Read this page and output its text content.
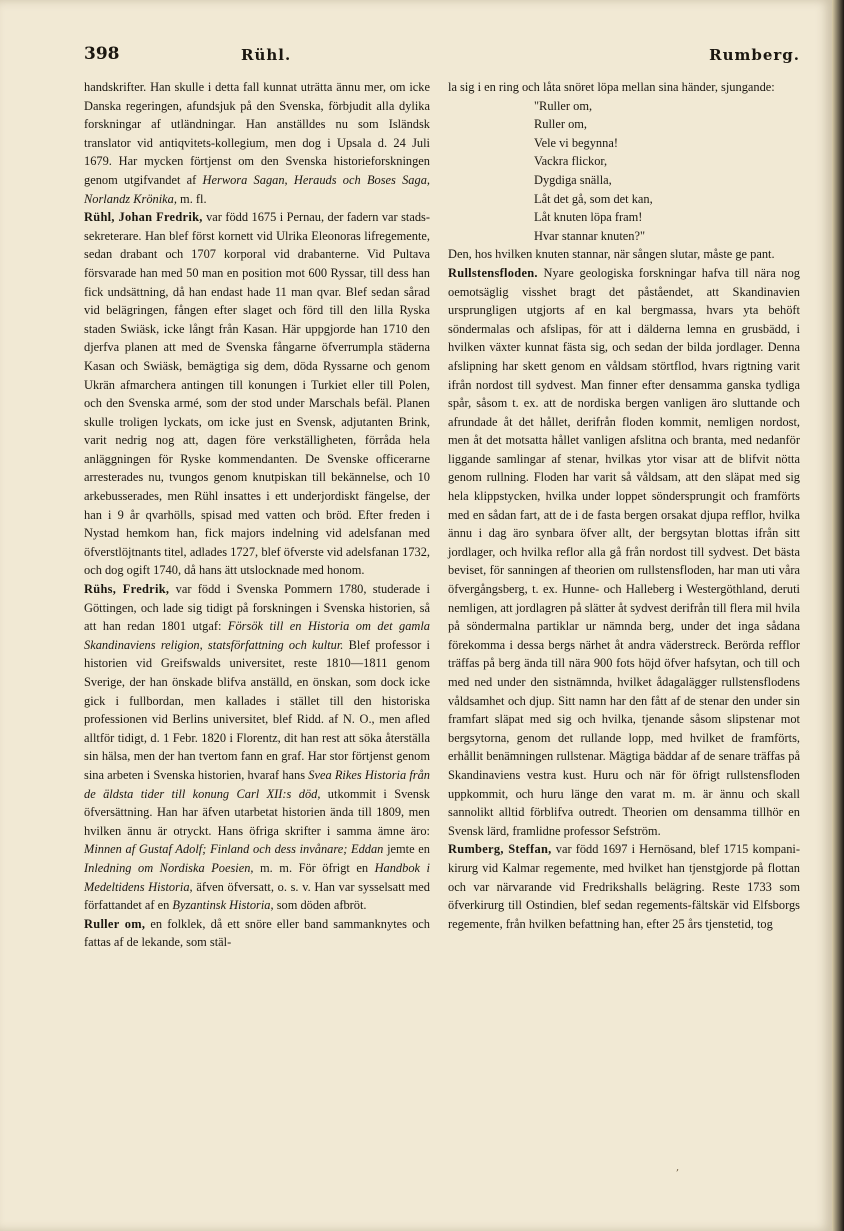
398	Rühl.	Rumberg.

handskrifter. Han skulle i detta fall kunnat uträtta ännu mer, om icke Danska regeringen, afundsjuk på den Svenska, förbjudit alla dylika forskningar af utländningar. Han anställdes nu som Isländsk translator vid antiqvitets-kollegium, men dog i Upsala d. 24 Juli 1679. Har mycken förtjenst om den Svenska historieforskningen genom utgifvandet af Herwora Sagan, Herauds och Boses Saga, Norlandz Krönika, m. fl.

Rühl, Johan Fredrik, var född 1675 i Pernau, der fadern var stads-sekreterare. Han blef först kornett vid Ulrika Eleonoras lifregemente, sedan drabant och 1707 korporal vid drabanterne. Vid Pultava försvarade han med 50 man en position mot 600 Ryssar, till dess han fick undsättning, då han endast hade 11 man qvar. Blef sedan sårad vid belägringen, fången efter slaget och förd till den lilla Ryska staden Swiäsk, icke långt från Kasan. Här uppgjorde han 1710 den djerfva planen att med de Svenska fångarne öfverrumpla städerna Kasan och Swiäsk, bemägtiga sig dem, döda Ryssarne och genom Ukrän afmarchera antingen till konungen i Turkiet eller till Polen, och den Svenska armé, som der stod under Marschals befäl. Planen skulle troligen lyckats, om icke just en Svensk, adjutanten Brink, varit nedrig nog att, dagen före verkställigheten, förråda hela anläggningen för Ryske kommendanten. De Svenske officerarne arresterades nu, tvungos genom knutpiskan till bekännelse, och 10 arkebusserades, men Rühl insattes i ett underjordiskt fängelse, der han i 9 år qvarhölls, spisad med vatten och bröd. Efter freden i Nystad hemkom han, fick majors indelning vid adelsfanan med öfverstlöjtnants titel, adlades 1727, blef öfverste vid adelsfanan 1732, och dog ogift 1740, då hans ätt utslocknade med honom.

Rühs, Fredrik, var född i Svenska Pommern 1780, studerade i Göttingen, och lade sig tidigt på forskningen i Svenska historien, så att han redan 1801 utgaf: Försök till en Historia om det gamla Skandinaviens religion, statsförfattning och kultur. Blef professor i historien vid Greifswalds universitet, reste 1810—1811 genom Sverige, der han önskade blifva anställd, en önskan, som dock icke gick i fullbordan, men kallades i stället till den historiska professionen vid Berlins universitet, blef Ridd. af N. O., men afled alltför tidigt, d. 1 Febr. 1820 i Florentz, dit han rest att söka återställa sin hälsa, men der han tvertom fann en graf. Har stor förtjenst genom sina arbeten i Svenska historien, hvaraf hans Svea Rikes Historia från de äldsta tider till konung Carl XII:s död, utkommit i Svensk öfversättning. Han har äfven utarbetat historien ända till 1809, men hvilken ännu är otryckt. Hans öfriga skrifter i samma ämne äro: Minnen af Gustaf Adolf; Finland och dess invånare; Eddan jemte en Inledning om Nordiska Poesien, m. m. För öfrigt en Handbok i Medeltidens Historia, äfven öfversatt, o. s. v. Han var sysselsatt med författandet af en Byzantinsk Historia, som döden afbröt.

Ruller om, en folklek, då ett snöre eller band sammanknytes och fattas af de lekande, som stäl-

la sig i en ring och låta snöret löpa mellan sina händer, sjungande:

"Ruller om,
Ruller om,
Vele vi begynna!
Vackra flickor,
Dygdiga snälla,
Låt det gå, som det kan,
Låt knuten löpa fram!
Hvar stannar knuten?"

Den, hos hvilken knuten stannar, när sången slutar, måste ge pant.

Rullstensfloden. Nyare geologiska forskningar hafva till nära nog oemotsäglig visshet bragt det påståendet, att Skandinavien ursprungligen utgjorts af en kal bergmassa, hvars yta behöft söndermalas och afslipas, för att i dälderna lemna en grusbädd, i hvilken växter kunnat fästa sig, och sedan der bilda jordlager. Denna afslipning har skett genom en våldsam störtflod, hvars rigtning varit ifrån nordost till sydvest. Man finner efter densamma ganska tydliga spår, såsom t. ex. att de nordiska bergen vanligen äro sluttande och afrundade åt det hållet, derifrån floden kommit, nemligen nordost, men åt det motsatta hållet vanligen afslitna och branta, med nedanför liggande samlingar af stenar, hvilkas ytor visar att de blifvit nötta genom rullning. Floden har varit så våldsam, att den släpat med sig hela klippstycken, hvilka under loppet söndersprungit och framförts med en sådan fart, att de i de fasta bergen orsakat djupa refflor, hvilka ännu i dag äro synbara öfver allt, der bergsytan blottas ifrån sitt jordlager, och hvilka reflor alla gå från nordost till sydvest. Det bästa beviset, för sanningen af theorien om rullstensfloden, har man uti våra öfvergångsberg, t. ex. Hunne- och Halleberg i Westergöthland, deruti nemligen, att jordlagren på slätter åt sydvest derifrån till flera mil hvila på söndermalna partiklar ur nämnda berg, under det inga sådana förekomma i dessa bergs närhet åt andra väderstreck. Berörda refflor träffas på berg ända till nära 900 fots höjd öfver hafsytan, och till och med ned under den sistnämnda, hvilket ådagalägger rullstensflodens våldsamhet och djup. Sitt namn har den fått af de stenar den under sin framfart släpat med sig och hvilka, tjenande såsom slipstenar mot bergsytorna, genom det rullande lopp, med hvilket de framförts, erhållit benämningen rullstenar. Mägtiga bäddar af de senare träffas på Skandinaviens vestra kust. Huru och när för öfrigt rullstensfloden uppkommit, och huru länge den varat m. m. är ännu och skall sannolikt alltid förblifva outredt. Theorien om densamma tillhör en Svensk lärd, framlidne professor Sefström.

Rumberg, Steffan, var född 1697 i Hernösand, blef 1715 kompani-kirurg vid Kalmar regemente, med hvilket han tjenstgjorde på flottan och var närvarande vid Fredrikshalls belägring. Reste 1733 som öfverkirurg till Ostindien, blef sedan regements-fältskär vid Elfsborgs regemente, från hvilken befattning han, efter 25 års tjenstetid, tog

,
